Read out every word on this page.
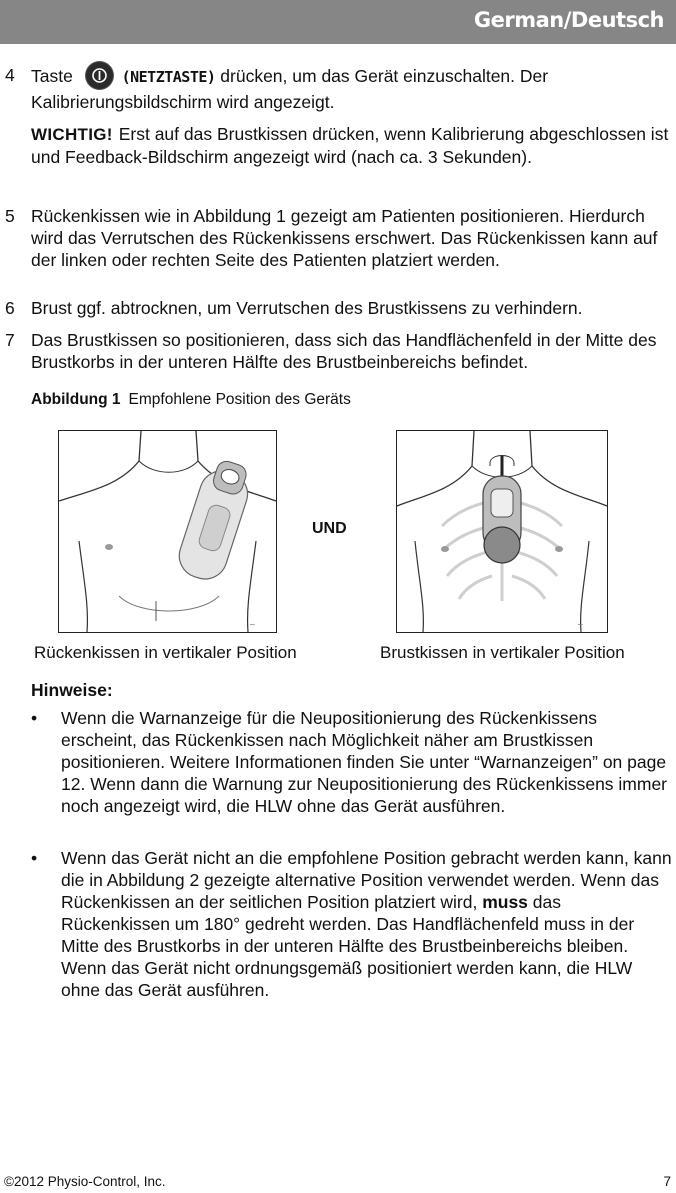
German/Deutsch
4 Taste	(NETZTASTE) drücken, um das Gerät einzuschalten. Der Kalibrierungsbildschirm wird angezeigt.
WICHTIG! Erst auf das Brustkissen drücken, wenn Kalibrierung abgeschlossen ist und Feedback-Bildschirm angezeigt wird (nach ca. 3 Sekunden).
5 Rückenkissen wie in Abbildung 1 gezeigt am Patienten positionieren. Hierdurch wird das Verrutschen des Rückenkissens erschwert. Das Rückenkissen kann auf der linken oder rechten Seite des Patienten platziert werden.
6 Brust ggf. abtrocknen, um Verrutschen des Brustkissens zu verhindern.
7 Das Brustkissen so positionieren, dass sich das Handflächenfeld in der Mitte des Brustkorbs in der unteren Hälfte des Brustbeinbereichs befindet.
Abbildung 1 Empfohlene Position des Geräts
~
UND
~
Rückenkissen in vertikaler Position	Brustkissen in vertikaler Position
Hinweise:
• Wenn die Warnanzeige für die Neupositionierung des Rückenkissens erscheint, das Rückenkissen nach Möglichkeit näher am Brustkissen positionieren. Weitere Informationen finden Sie unter “Warnanzeigen” on page 12. Wenn dann die Warnung zur Neupositionierung des Rückenkissens immer noch angezeigt wird, die HLW ohne das Gerät ausführen.
• Wenn das Gerät nicht an die empfohlene Position gebracht werden kann, kann die in Abbildung 2 gezeigte alternative Position verwendet werden. Wenn das Rückenkissen an der seitlichen Position platziert wird, muss das Rückenkissen um 180° gedreht werden. Das Handflächenfeld muss in der Mitte des Brustkorbs in der unteren Hälfte des Brustbeinbereichs bleiben. Wenn das Gerät nicht ordnungsgemäß positioniert werden kann, die HLW ohne das Gerät ausführen.
©2012 Physio-Control, Inc.	7
